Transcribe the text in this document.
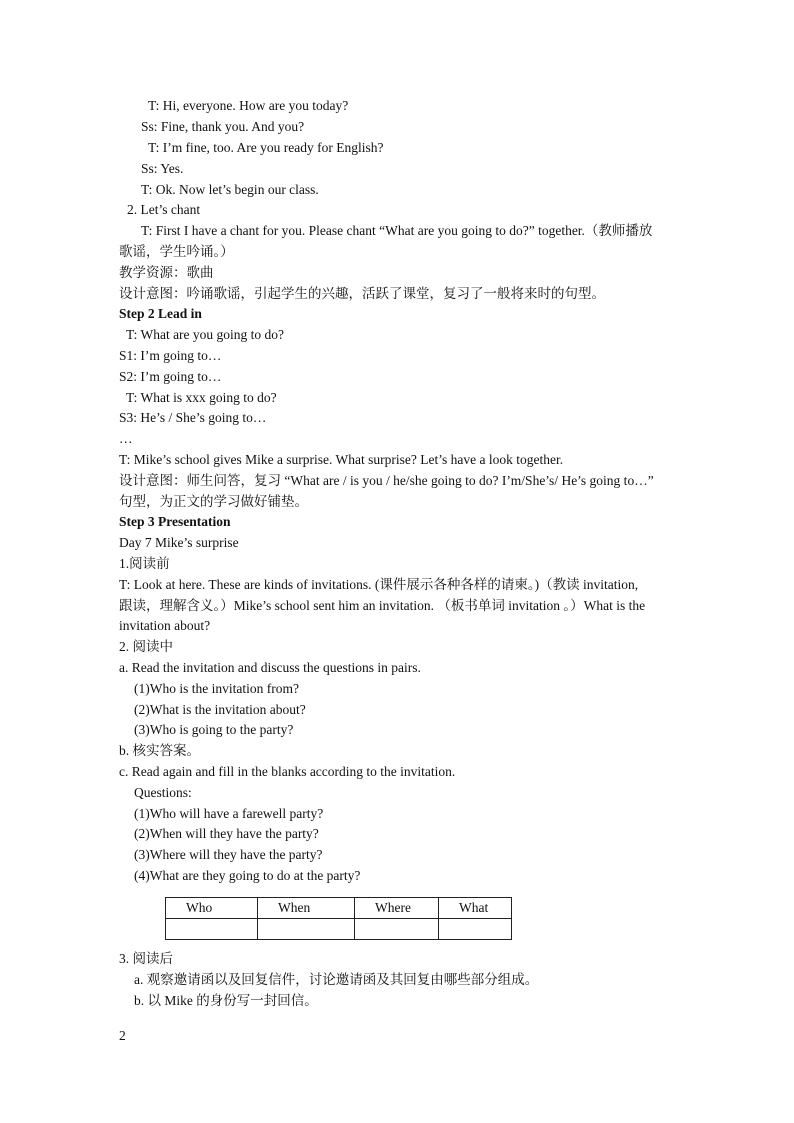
T: Hi, everyone. How are you today?
Ss: Fine, thank you. And you?
T: I’m fine, too. Are you ready for English?
Ss: Yes.
T: Ok. Now let’s begin our class.
2. Let’s chant
T: First I have a chant for you. Please chant “What are you going to do?” together.（教师播放
歌谣，学生吟诵。）
教学资源：歌曲
设计意图：吟诵歌谣，引起学生的兴趣，活跃了课堂，复习了一般将来时的句型。
Step 2 Lead in
T: What are you going to do?
S1: I’m going to…
S2: I’m going to…
T: What is xxx going to do?
S3: He’s / She’s going to…
…
T: Mike’s school gives Mike a surprise. What surprise? Let’s have a look together.
设计意图：师生问答，复习 “What are / is you / he/she going to do? I’m/She’s/ He’s going to…”
句型，为正文的学习做好铺垫。
Step 3 Presentation
Day 7 Mike’s surprise
1.阅读前
T: Look at here. These are kinds of invitations. (课件展示各种各样的请柬。)（教读 invitation,
跟读，理解含义。）Mike’s school sent him an invitation. （板书单词 invitation 。）What is the
invitation about?
2. 阅读中
a. Read the invitation and discuss the questions in pairs.
(1)Who is the invitation from?
(2)What is the invitation about?
(3)Who is going to the party?
b. 核实答案。
c. Read again and fill in the blanks according to the invitation.
Questions:
(1)Who will have a farewell party?
(2)When will they have the party?
(3)Where will they have the party?
(4)What are they going to do at the party?
Who	When	Where	What

3. 阅读后
a. 观察邀请函以及回复信件，讨论邀请函及其回复由哪些部分组成。
b. 以 Mike 的身份写一封回信。
2
